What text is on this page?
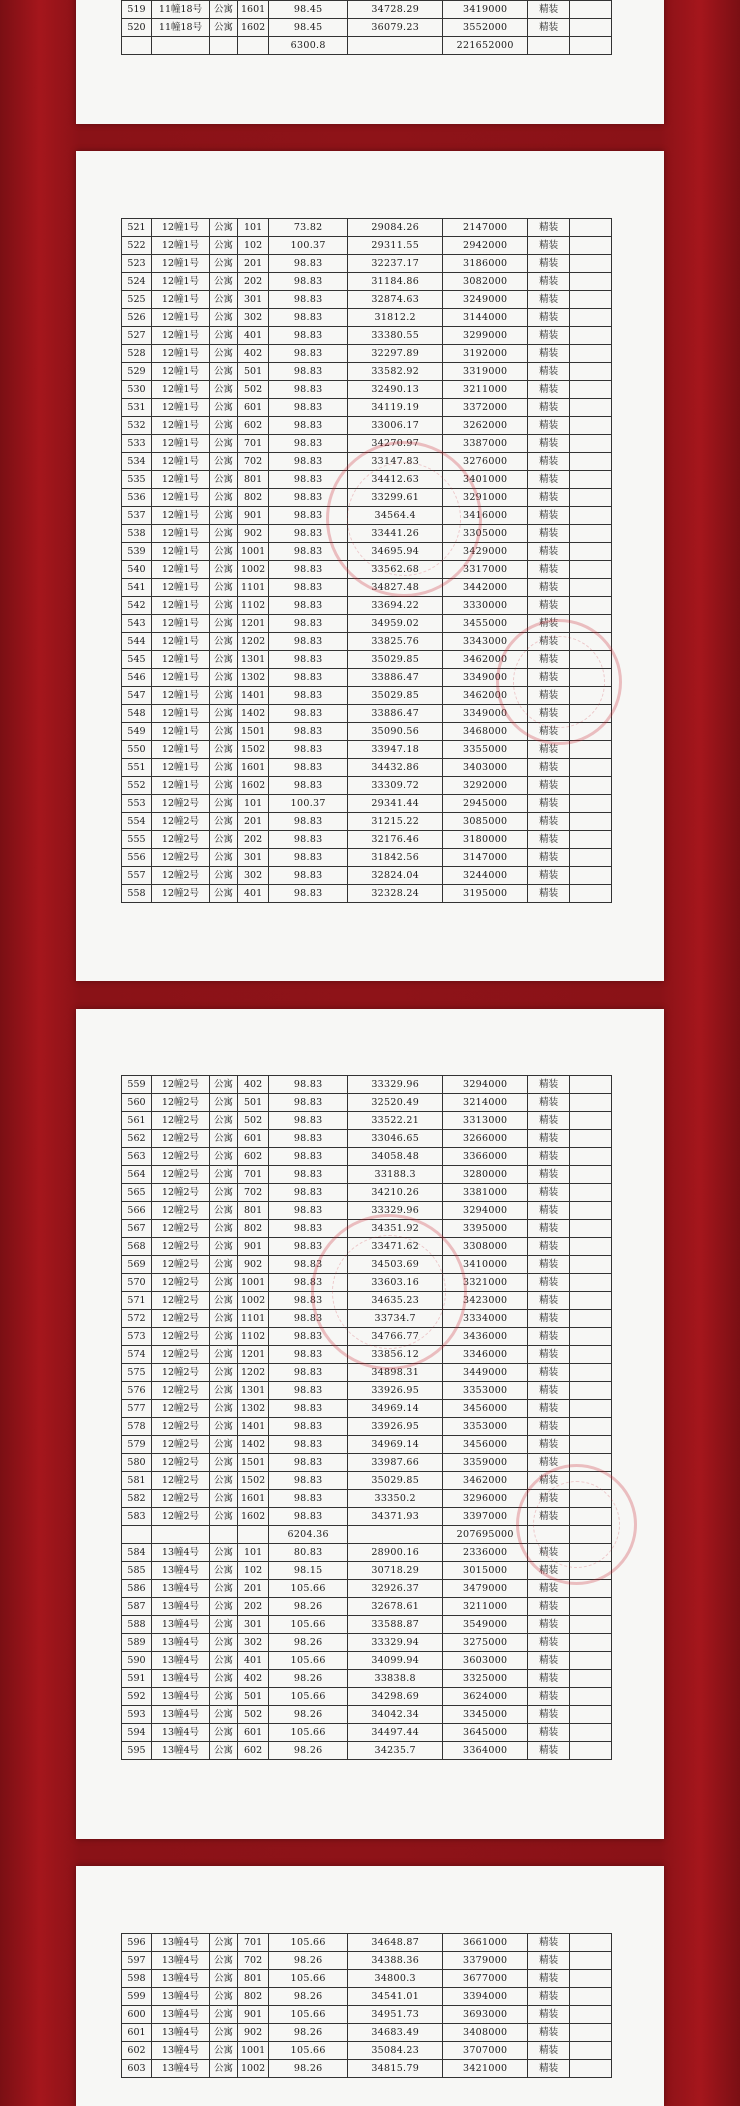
519	11幢18号	公寓	1601	98.45	34728.29	3419000	精装	
520	11幢18号	公寓	1602	98.45	36079.23	3552000	精装	
				6300.8		221652000		
521	12幢1号	公寓	101	73.82	29084.26	2147000	精装	
522	12幢1号	公寓	102	100.37	29311.55	2942000	精装	
523	12幢1号	公寓	201	98.83	32237.17	3186000	精装	
524	12幢1号	公寓	202	98.83	31184.86	3082000	精装	
525	12幢1号	公寓	301	98.83	32874.63	3249000	精装	
526	12幢1号	公寓	302	98.83	31812.2	3144000	精装	
527	12幢1号	公寓	401	98.83	33380.55	3299000	精装	
528	12幢1号	公寓	402	98.83	32297.89	3192000	精装	
529	12幢1号	公寓	501	98.83	33582.92	3319000	精装	
530	12幢1号	公寓	502	98.83	32490.13	3211000	精装	
531	12幢1号	公寓	601	98.83	34119.19	3372000	精装	
532	12幢1号	公寓	602	98.83	33006.17	3262000	精装	
533	12幢1号	公寓	701	98.83	34270.97	3387000	精装	
534	12幢1号	公寓	702	98.83	33147.83	3276000	精装	
535	12幢1号	公寓	801	98.83	34412.63	3401000	精装	
536	12幢1号	公寓	802	98.83	33299.61	3291000	精装	
537	12幢1号	公寓	901	98.83	34564.4	3416000	精装	
538	12幢1号	公寓	902	98.83	33441.26	3305000	精装	
539	12幢1号	公寓	1001	98.83	34695.94	3429000	精装	
540	12幢1号	公寓	1002	98.83	33562.68	3317000	精装	
541	12幢1号	公寓	1101	98.83	34827.48	3442000	精装	
542	12幢1号	公寓	1102	98.83	33694.22	3330000	精装	
543	12幢1号	公寓	1201	98.83	34959.02	3455000	精装	
544	12幢1号	公寓	1202	98.83	33825.76	3343000	精装	
545	12幢1号	公寓	1301	98.83	35029.85	3462000	精装	
546	12幢1号	公寓	1302	98.83	33886.47	3349000	精装	
547	12幢1号	公寓	1401	98.83	35029.85	3462000	精装	
548	12幢1号	公寓	1402	98.83	33886.47	3349000	精装	
549	12幢1号	公寓	1501	98.83	35090.56	3468000	精装	
550	12幢1号	公寓	1502	98.83	33947.18	3355000	精装	
551	12幢1号	公寓	1601	98.83	34432.86	3403000	精装	
552	12幢1号	公寓	1602	98.83	33309.72	3292000	精装	
553	12幢2号	公寓	101	100.37	29341.44	2945000	精装	
554	12幢2号	公寓	201	98.83	31215.22	3085000	精装	
555	12幢2号	公寓	202	98.83	32176.46	3180000	精装	
556	12幢2号	公寓	301	98.83	31842.56	3147000	精装	
557	12幢2号	公寓	302	98.83	32824.04	3244000	精装	
558	12幢2号	公寓	401	98.83	32328.24	3195000	精装	
559	12幢2号	公寓	402	98.83	33329.96	3294000	精装	
560	12幢2号	公寓	501	98.83	32520.49	3214000	精装	
561	12幢2号	公寓	502	98.83	33522.21	3313000	精装	
562	12幢2号	公寓	601	98.83	33046.65	3266000	精装	
563	12幢2号	公寓	602	98.83	34058.48	3366000	精装	
564	12幢2号	公寓	701	98.83	33188.3	3280000	精装	
565	12幢2号	公寓	702	98.83	34210.26	3381000	精装	
566	12幢2号	公寓	801	98.83	33329.96	3294000	精装	
567	12幢2号	公寓	802	98.83	34351.92	3395000	精装	
568	12幢2号	公寓	901	98.83	33471.62	3308000	精装	
569	12幢2号	公寓	902	98.83	34503.69	3410000	精装	
570	12幢2号	公寓	1001	98.83	33603.16	3321000	精装	
571	12幢2号	公寓	1002	98.83	34635.23	3423000	精装	
572	12幢2号	公寓	1101	98.83	33734.7	3334000	精装	
573	12幢2号	公寓	1102	98.83	34766.77	3436000	精装	
574	12幢2号	公寓	1201	98.83	33856.12	3346000	精装	
575	12幢2号	公寓	1202	98.83	34898.31	3449000	精装	
576	12幢2号	公寓	1301	98.83	33926.95	3353000	精装	
577	12幢2号	公寓	1302	98.83	34969.14	3456000	精装	
578	12幢2号	公寓	1401	98.83	33926.95	3353000	精装	
579	12幢2号	公寓	1402	98.83	34969.14	3456000	精装	
580	12幢2号	公寓	1501	98.83	33987.66	3359000	精装	
581	12幢2号	公寓	1502	98.83	35029.85	3462000	精装	
582	12幢2号	公寓	1601	98.83	33350.2	3296000	精装	
583	12幢2号	公寓	1602	98.83	34371.93	3397000	精装	
				6204.36		207695000		
584	13幢4号	公寓	101	80.83	28900.16	2336000	精装	
585	13幢4号	公寓	102	98.15	30718.29	3015000	精装	
586	13幢4号	公寓	201	105.66	32926.37	3479000	精装	
587	13幢4号	公寓	202	98.26	32678.61	3211000	精装	
588	13幢4号	公寓	301	105.66	33588.87	3549000	精装	
589	13幢4号	公寓	302	98.26	33329.94	3275000	精装	
590	13幢4号	公寓	401	105.66	34099.94	3603000	精装	
591	13幢4号	公寓	402	98.26	33838.8	3325000	精装	
592	13幢4号	公寓	501	105.66	34298.69	3624000	精装	
593	13幢4号	公寓	502	98.26	34042.34	3345000	精装	
594	13幢4号	公寓	601	105.66	34497.44	3645000	精装	
595	13幢4号	公寓	602	98.26	34235.7	3364000	精装	
596	13幢4号	公寓	701	105.66	34648.87	3661000	精装	
597	13幢4号	公寓	702	98.26	34388.36	3379000	精装	
598	13幢4号	公寓	801	105.66	34800.3	3677000	精装	
599	13幢4号	公寓	802	98.26	34541.01	3394000	精装	
600	13幢4号	公寓	901	105.66	34951.73	3693000	精装	
601	13幢4号	公寓	902	98.26	34683.49	3408000	精装	
602	13幢4号	公寓	1001	105.66	35084.23	3707000	精装	
603	13幢4号	公寓	1002	98.26	34815.79	3421000	精装	
